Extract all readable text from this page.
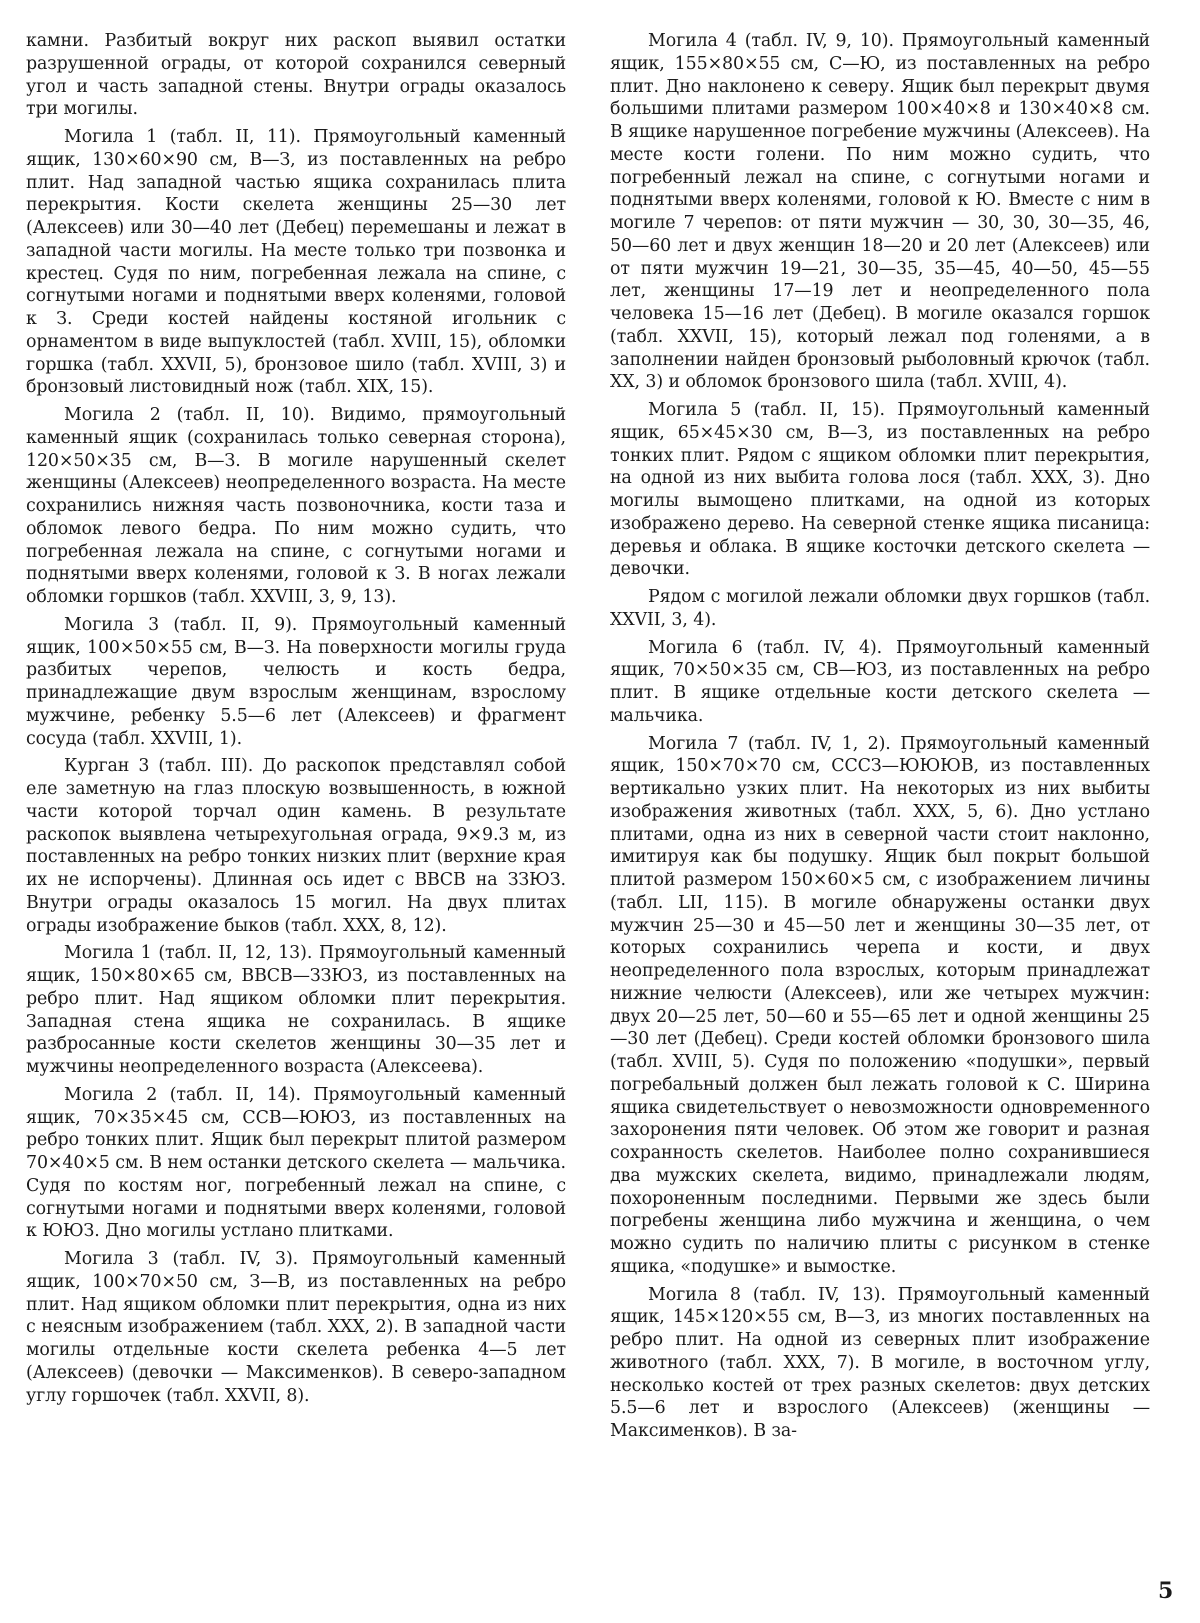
камни. Разбитый вокруг них раскоп выявил остатки разрушенной ограды, от которой сохранился северный угол и часть западной стены. Внутри ограды оказалось три могилы.

Могила 1 (табл. II, 11). Прямоугольный каменный ящик, 130×60×90 см, В—З, из поставленных на ребро плит. Над западной частью ящика сохранилась плита перекрытия. Кости скелета женщины 25—30 лет (Алексеев) или 30—40 лет (Дебец) перемешаны и лежат в западной части могилы. На месте только три позвонка и крестец. Судя по ним, погребенная лежала на спине, с согнутыми ногами и поднятыми вверх коленями, головой к З. Среди костей найдены костяной игольник с орнаментом в виде выпуклостей (табл. XVIII, 15), обломки горшка (табл. XXVII, 5), бронзовое шило (табл. XVIII, 3) и бронзовый листовидный нож (табл. XIX, 15).

Могила 2 (табл. II, 10). Видимо, прямоугольный каменный ящик (сохранилась только северная сторона), 120×50×35 см, В—З. В могиле нарушенный скелет женщины (Алексеев) неопределенного возраста. На месте сохранились нижняя часть позвоночника, кости таза и обломок левого бедра. По ним можно судить, что погребенная лежала на спине, с согнутыми ногами и поднятыми вверх коленями, головой к З. В ногах лежали обломки горшков (табл. XXVIII, 3, 9, 13).

Могила 3 (табл. II, 9). Прямоугольный каменный ящик, 100×50×55 см, В—З. На поверхности могилы груда разбитых черепов, челюсть и кость бедра, принадлежащие двум взрослым женщинам, взрослому мужчине, ребенку 5.5—6 лет (Алексеев) и фрагмент сосуда (табл. XXVIII, 1).

Курган 3 (табл. III). До раскопок представлял собой еле заметную на глаз плоскую возвышенность, в южной части которой торчал один камень. В результате раскопок выявлена четырехугольная ограда, 9×9.3 м, из поставленных на ребро тонких низких плит (верхние края их не испорчены). Длинная ось идет с ВВСВ на ЗЗЮЗ. Внутри ограды оказалось 15 могил. На двух плитах ограды изображение быков (табл. XXX, 8, 12).

Могила 1 (табл. II, 12, 13). Прямоугольный каменный ящик, 150×80×65 см, ВВСВ—ЗЗЮЗ, из поставленных на ребро плит. Над ящиком обломки плит перекрытия. Западная стена ящика не сохранилась. В ящике разбросанные кости скелетов женщины 30—35 лет и мужчины неопределенного возраста (Алексеева).

Могила 2 (табл. II, 14). Прямоугольный каменный ящик, 70×35×45 см, ССВ—ЮЮЗ, из поставленных на ребро тонких плит. Ящик был перекрыт плитой размером 70×40×5 см. В нем останки детского скелета — мальчика. Судя по костям ног, погребенный лежал на спине, с согнутыми ногами и поднятыми вверх коленями, головой к ЮЮЗ. Дно могилы устлано плитками.

Могила 3 (табл. IV, 3). Прямоугольный каменный ящик, 100×70×50 см, З—В, из поставленных на ребро плит. Над ящиком обломки плит перекрытия, одна из них с неясным изображением (табл. XXX, 2). В западной части могилы отдельные кости скелета ребенка 4—5 лет (Алексеев) (девочки — Максименков). В северо-западном углу горшочек (табл. XXVII, 8).

Могила 4 (табл. IV, 9, 10). Прямоугольный каменный ящик, 155×80×55 см, С—Ю, из поставленных на ребро плит. Дно наклонено к северу. Ящик был перекрыт двумя большими плитами размером 100×40×8 и 130×40×8 см. В ящике нарушенное погребение мужчины (Алексеев). На месте кости голени. По ним можно судить, что погребенный лежал на спине, с согнутыми ногами и поднятыми вверх коленями, головой к Ю. Вместе с ним в могиле 7 черепов: от пяти мужчин — 30, 30, 30—35, 46, 50—60 лет и двух женщин 18—20 и 20 лет (Алексеев) или от пяти мужчин 19—21, 30—35, 35—45, 40—50, 45—55 лет, женщины 17—19 лет и неопределенного пола человека 15—16 лет (Дебец). В могиле оказался горшок (табл. XXVII, 15), который лежал под голенями, а в заполнении найден бронзовый рыболовный крючок (табл. XX, 3) и обломок бронзового шила (табл. XVIII, 4).

Могила 5 (табл. II, 15). Прямоугольный каменный ящик, 65×45×30 см, В—З, из поставленных на ребро тонких плит. Рядом с ящиком обломки плит перекрытия, на одной из них выбита голова лося (табл. XXX, 3). Дно могилы вымощено плитками, на одной из которых изображено дерево. На северной стенке ящика писаница: деревья и облака. В ящике косточки детского скелета — девочки.

Рядом с могилой лежали обломки двух горшков (табл. XXVII, 3, 4).

Могила 6 (табл. IV, 4). Прямоугольный каменный ящик, 70×50×35 см, СВ—ЮЗ, из поставленных на ребро плит. В ящике отдельные кости детского скелета — мальчика.

Могила 7 (табл. IV, 1, 2). Прямоугольный каменный ящик, 150×70×70 см, СССЗ—ЮЮЮВ, из поставленных вертикально узких плит. На некоторых из них выбиты изображения животных (табл. XXX, 5, 6). Дно устлано плитами, одна из них в северной части стоит наклонно, имитируя как бы подушку. Ящик был покрыт большой плитой размером 150×60×5 см, с изображением личины (табл. LII, 115). В могиле обнаружены останки двух мужчин 25—30 и 45—50 лет и женщины 30—35 лет, от которых сохранились черепа и кости, и двух неопределенного пола взрослых, которым принадлежат нижние челюсти (Алексеев), или же четырех мужчин: двух 20—25 лет, 50—60 и 55—65 лет и одной женщины 25—30 лет (Дебец). Среди костей обломки бронзового шила (табл. XVIII, 5). Судя по положению «подушки», первый погребальный должен был лежать головой к С. Ширина ящика свидетельствует о невозможности одновременного захоронения пяти человек. Об этом же говорит и разная сохранность скелетов. Наиболее полно сохранившиеся два мужских скелета, видимо, принадлежали людям, похороненным последними. Первыми же здесь были погребены женщина либо мужчина и женщина, о чем можно судить по наличию плиты с рисунком в стенке ящика, «подушке» и вымостке.

Могила 8 (табл. IV, 13). Прямоугольный каменный ящик, 145×120×55 см, В—З, из многих поставленных на ребро плит. На одной из северных плит изображение животного (табл. XXX, 7). В могиле, в восточном углу, несколько костей от трех разных скелетов: двух детских 5.5—6 лет и взрослого (Алексеев) (женщины — Максименков). В за-

5
